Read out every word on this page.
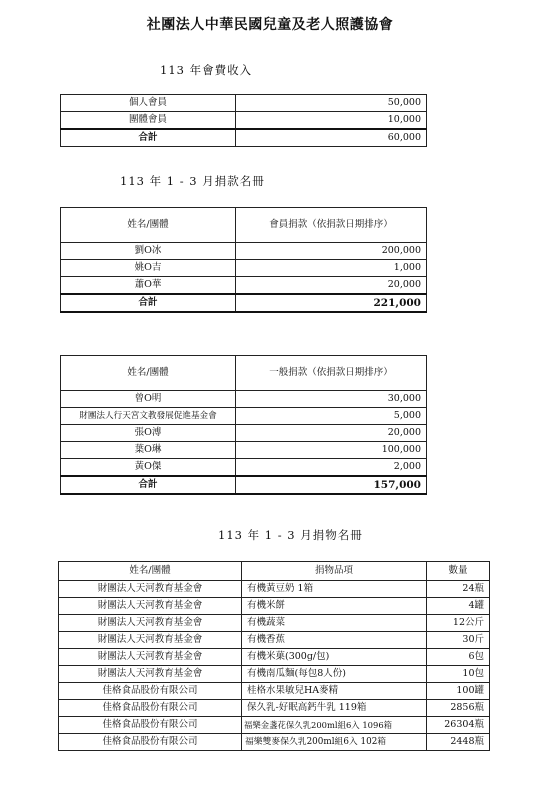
社團法人中華民國兒童及老人照護協會
113 年會費收入
個人會員	50,000
團體會員	10,000
合計	60,000
113 年 1 - 3 月捐款名冊
姓名/團體	會員捐款（依捐款日期排序）
劉O冰	200,000
姚O吉	1,000
蕭O華	20,000
合計	221,000
姓名/團體	一般捐款（依捐款日期排序）
曾O明	30,000
財團法人行天宮文教發展促進基金會	5,000
張O溥	20,000
葉O琳	100,000
黃O傑	2,000
合計	157,000
113 年 1 - 3 月捐物名冊
姓名/團體	捐物品項	數量
財團法人天河教育基金會	有機黃豆奶 1箱	24瓶
財團法人天河教育基金會	有機米餅	4罐
財團法人天河教育基金會	有機蔬菜	12公斤
財團法人天河教育基金會	有機香蕉	30斤
財團法人天河教育基金會	有機米菓(300g/包)	6包
財團法人天河教育基金會	有機南瓜麵(每包8人份)	10包
佳格食品股份有限公司	桂格水果敏兒HA麥精	100罐
佳格食品股份有限公司	保久乳-好眠高鈣牛乳 119箱	2856瓶
佳格食品股份有限公司	福樂金盞花保久乳200ml組6入 1096箱	26304瓶
佳格食品股份有限公司	福樂雙麥保久乳200ml組6入 102箱	2448瓶
